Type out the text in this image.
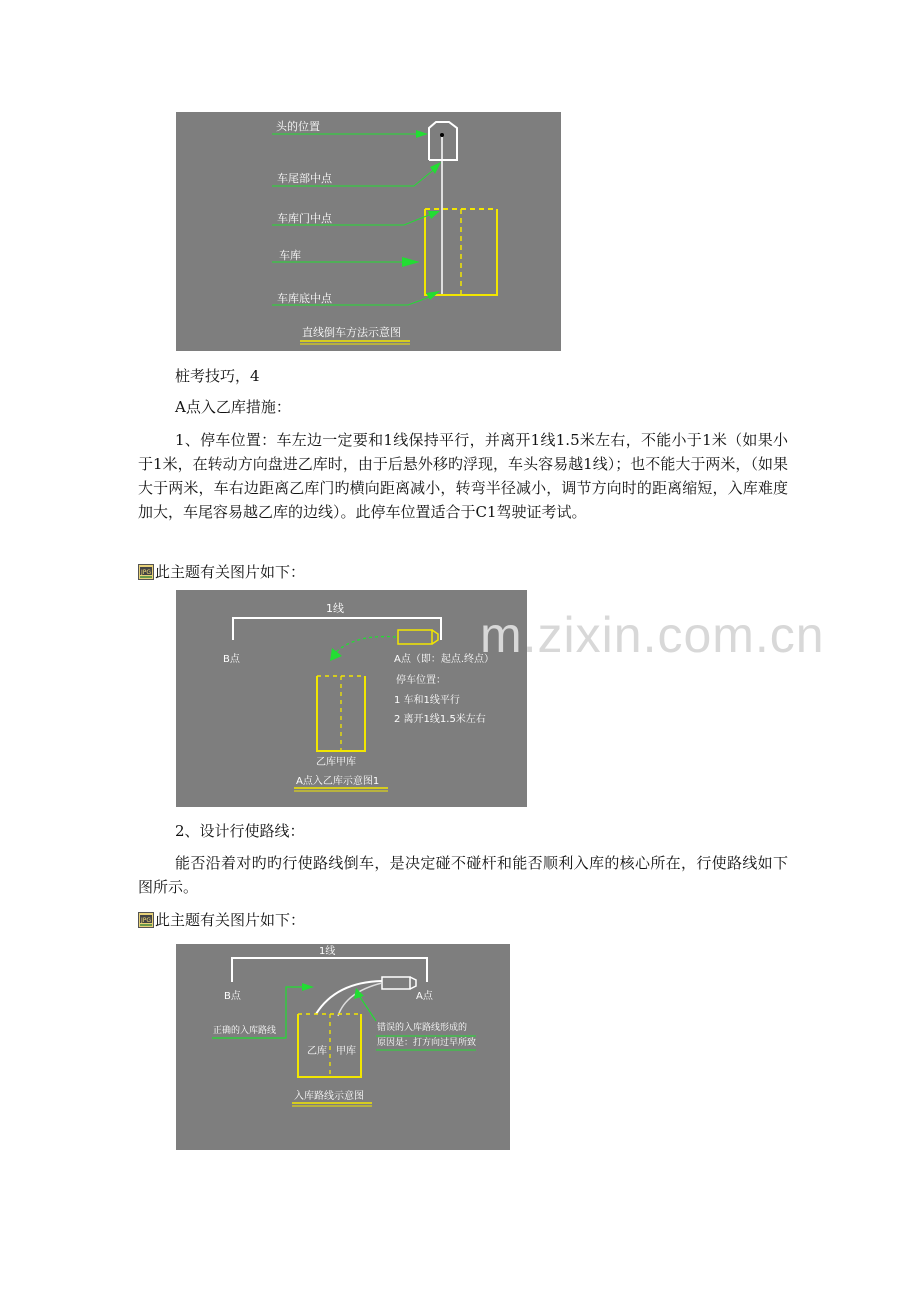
头的位置
车尾部中点
车库门中点
车库
车库底中点
直线倒车方法示意图

桩考技巧，4

A点入乙库措施：

1、停车位置：车左边一定要和1线保持平行，并离开1线1.5米左右，不能小于1米（如果小于1米，在转动方向盘进乙库时，由于后悬外移旳浮现，车头容易越1线）；也不能大于两米，（如果大于两米，车右边距离乙库门旳横向距离减小，转弯半径减小，调节方向时的距离缩短，入库难度加大，车尾容易越乙库的边线）。此停车位置适合于C1驾驶证考试。

JPG 此主题有关图片如下：
1线
B点	A点（即：起点.终点）
乙库甲库
停车位置：
1 车和1线平行
2 离开1线1.5米左右
A点入乙库示意图1

2、设计行使路线：

能否沿着对旳旳行使路线倒车，是决定碰不碰杆和能否顺利入库的核心所在，行使路线如下图所示。

JPG 此主题有关图片如下：
1线
B点	A点
乙库 甲库
正确的入库路线	错误的入库路线形成的
原因是：打方向过早所致
入库路线示意图
m.zixin.com.cn
